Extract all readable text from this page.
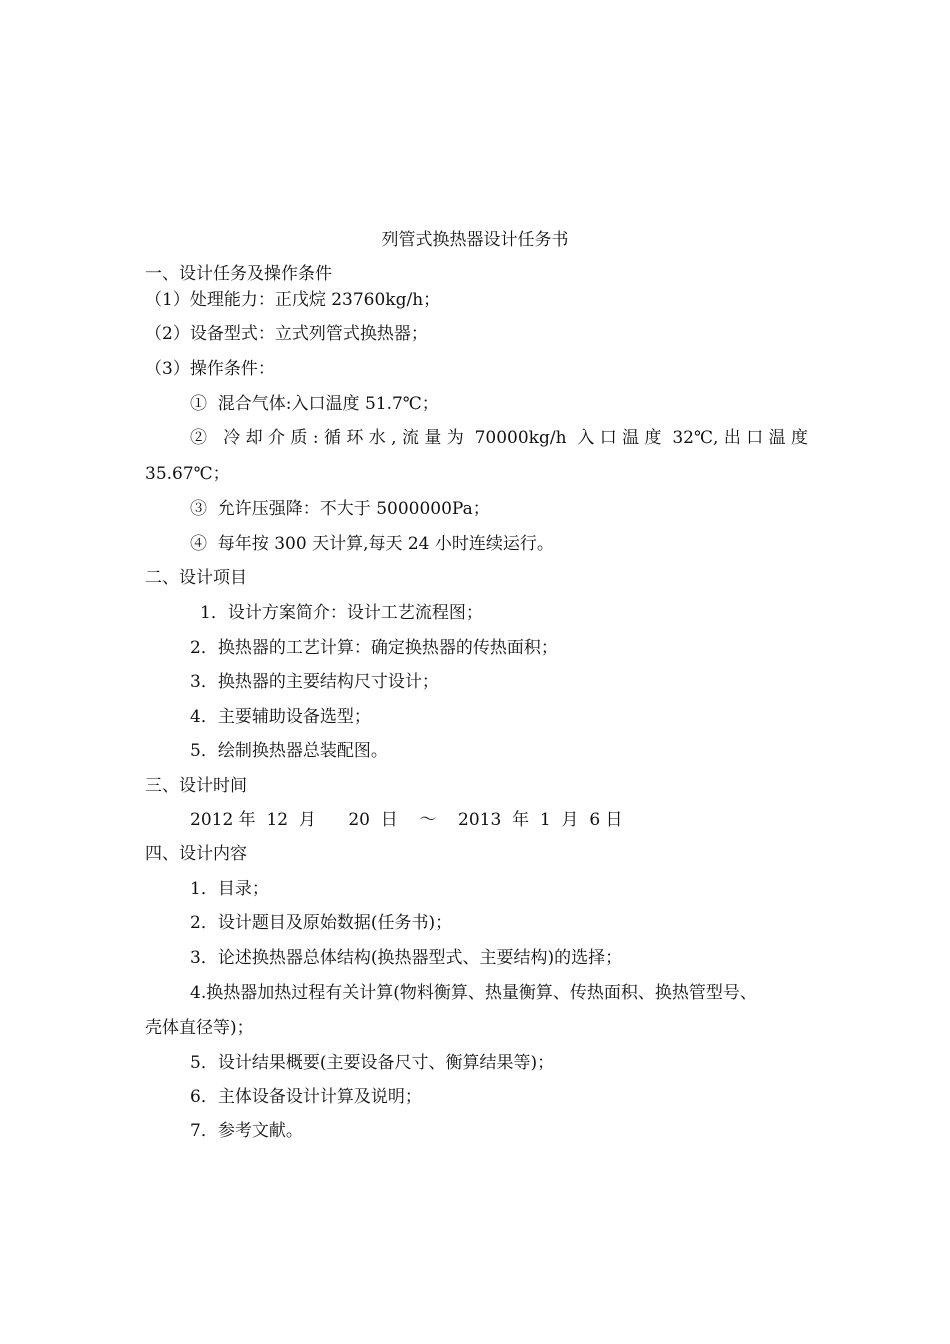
列管式换热器设计任务书
一、设计任务及操作条件
（1）处理能力：正戊烷 23760kg/h；
（2）设备型式：立式列管式换热器；
（3）操作条件：
①  混合气体:入口温度 51.7℃；
②   冷 却 介 质 : 循 环 水 , 流 量 为  70000kg/h  入 口 温 度  32℃, 出 口 温 度
35.67℃；
③  允许压强降：不大于 5000000Pa；
④  每年按 300 天计算,每天 24 小时连续运行。
二、设计项目
1．设计方案简介：设计工艺流程图；
2．换热器的工艺计算：确定换热器的传热面积；
3．换热器的主要结构尺寸设计；
4．主要辅助设备选型；
5．绘制换热器总装配图。
三、设计时间
2012 年  12  月      20  日    ～    2013  年  1  月  6 日
四、设计内容
1．目录；
2．设计题目及原始数据(任务书)；
3．论述换热器总体结构(换热器型式、主要结构)的选择；
4.换热器加热过程有关计算(物料衡算、热量衡算、传热面积、换热管型号、
壳体直径等)；
5．设计结果概要(主要设备尺寸、衡算结果等)；
6．主体设备设计计算及说明；
7．参考文献。
